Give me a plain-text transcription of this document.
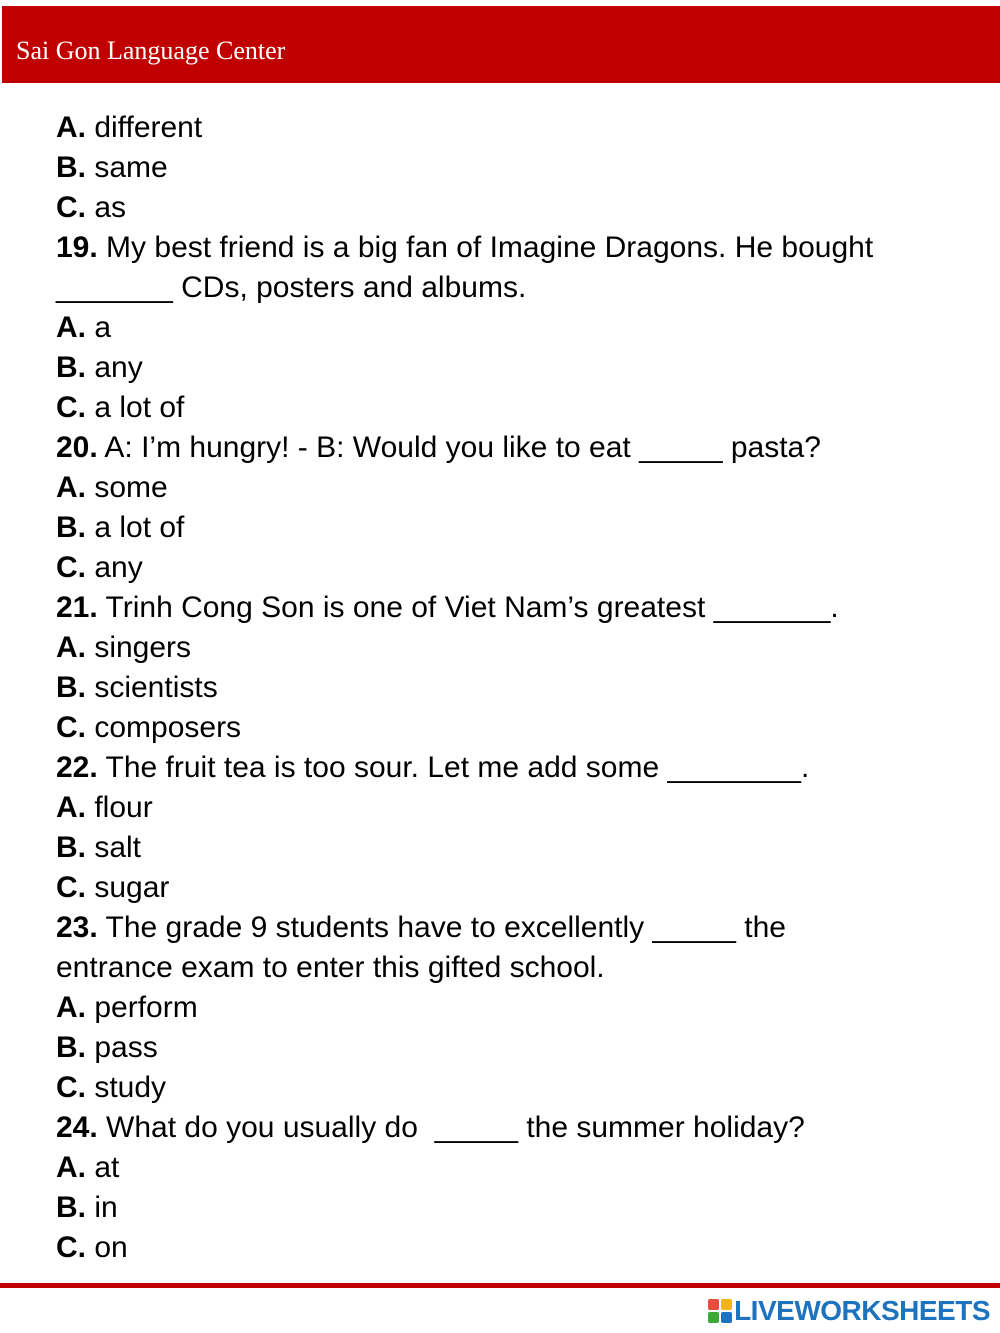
Sai Gon Language Center
A. different
B. same
C. as
19. My best friend is a big fan of Imagine Dragons. He bought _______ CDs, posters and albums.
A. a
B. any
C. a lot of
20. A: I’m hungry! - B: Would you like to eat _____ pasta?
A. some
B. a lot of
C. any
21. Trinh Cong Son is one of Viet Nam’s greatest _______.
A. singers
B. scientists
C. composers
22. The fruit tea is too sour. Let me add some ________.
A. flour
B. salt
C. sugar
23. The grade 9 students have to excellently _____ the entrance exam to enter this gifted school.
A. perform
B. pass
C. study
24. What do you usually do  _____ the summer holiday?
A. at
B. in
C. on
LIVEWORKSHEETS
